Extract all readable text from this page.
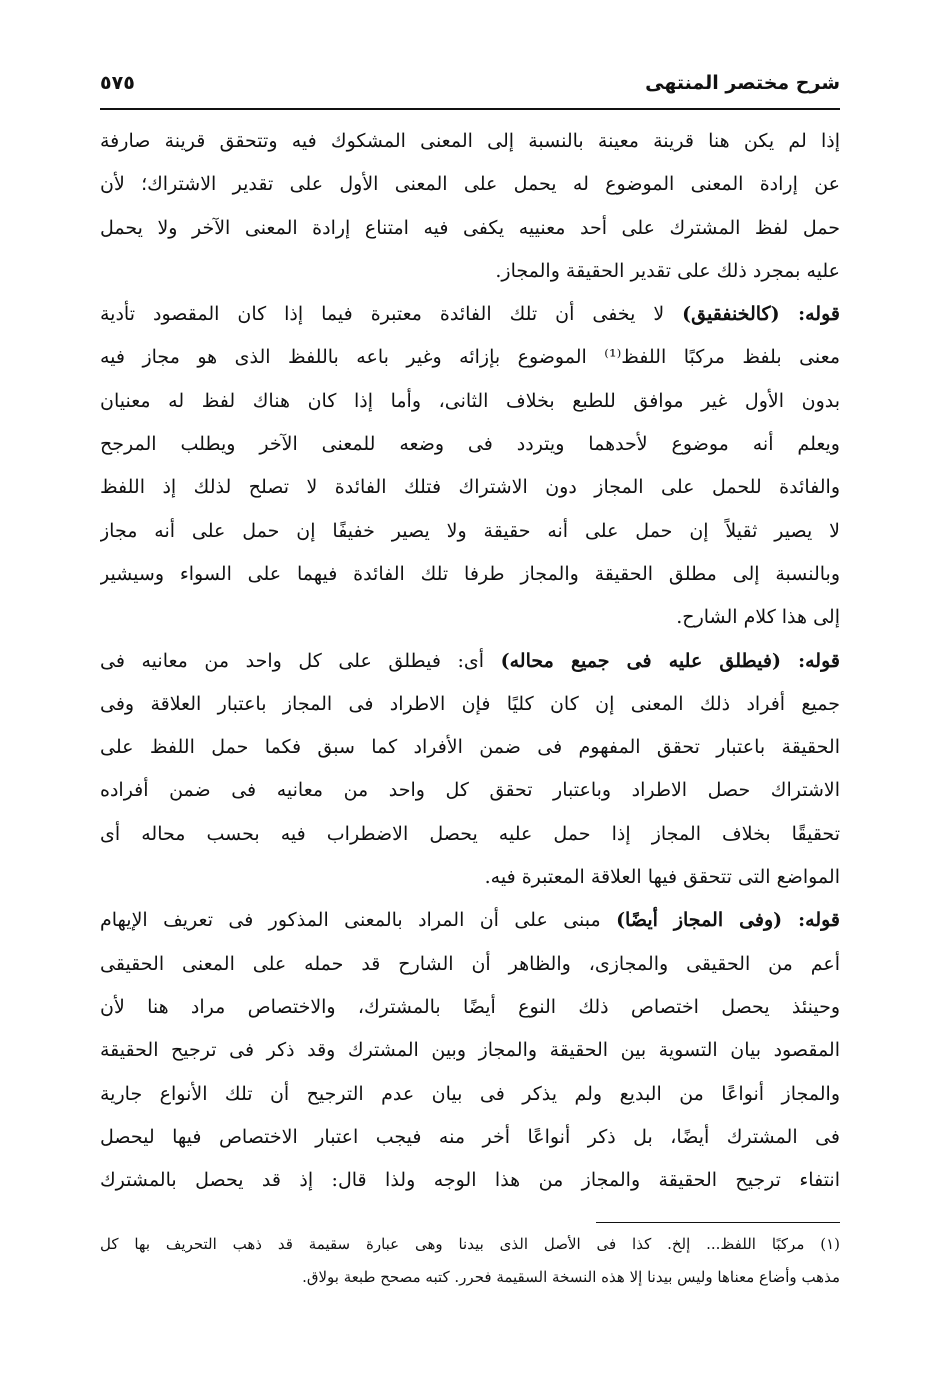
شرح مختصر المنتهى
٥٧٥
إذا لم يكن هنا قرينة معينة بالنسبة إلى المعنى المشكوك فيه وتتحقق قرينة صارفة
عن إرادة المعنى الموضوع له يحمل على المعنى الأول على تقدير الاشتراك؛ لأن
حمل لفظ المشترك على أحد معنييه يكفى فيه امتناع إرادة المعنى الآخر ولا يحمل
عليه بمجرد ذلك على تقدير الحقيقة والمجاز.
قوله: (كالخنفقيق) لا يخفى أن تلك الفائدة معتبرة فيما إذا كان المقصود تأدية
معنى بلفظ مركبًا اللفظ⁽¹⁾ الموضوع بإزائه وغير باعه باللفظ الذى هو مجاز فيه
بدون الأول غير موافق للطبع بخلاف الثانى، وأما إذا كان هناك لفظ له معنيان
ويعلم أنه موضوع لأحدهما ويتردد فى وضعه للمعنى الآخر ويطلب المرجح
والفائدة للحمل على المجاز دون الاشتراك فتلك الفائدة لا تصلح لذلك إذ اللفظ
لا يصير ثقيلاً إن حمل على أنه حقيقة ولا يصير خفيفًا إن حمل على أنه مجاز
وبالنسبة إلى مطلق الحقيقة والمجاز طرفا تلك الفائدة فيهما على السواء وسيشير
إلى هذا كلام الشارح.
قوله: (فيطلق عليه فى جميع محاله) أى: فيطلق على كل واحد من معانيه فى
جميع أفراد ذلك المعنى إن كان كليًا فإن الاطراد فى المجاز باعتبار العلاقة وفى
الحقيقة باعتبار تحقق المفهوم فى ضمن الأفراد كما سبق فكما حمل اللفظ على
الاشتراك حصل الاطراد وباعتبار تحقق كل واحد من معانيه فى ضمن أفراده
تحقيقًا بخلاف المجاز إذا حمل عليه يحصل الاضطراب فيه بحسب محاله أى
المواضع التى تتحقق فيها العلاقة المعتبرة فيه.
قوله: (وفى المجاز أيضًا) مبنى على أن المراد بالمعنى المذكور فى تعريف الإيهام
أعم من الحقيقى والمجازى، والظاهر أن الشارح قد حمله على المعنى الحقيقى
وحينئذ يحصل اختصاص ذلك النوع أيضًا بالمشترك، والاختصاص مراد هنا لأن
المقصود بيان التسوية بين الحقيقة والمجاز وبين المشترك وقد ذكر فى ترجيح الحقيقة
والمجاز أنواعًا من البديع ولم يذكر فى بيان عدم الترجيح أن تلك الأنواع جارية
فى المشترك أيضًا، بل ذكر أنواعًا أخر منه فيجب اعتبار الاختصاص فيها ليحصل
انتفاء ترجيح الحقيقة والمجاز من هذا الوجه ولذا قال: إذ قد يحصل بالمشترك
(١) مركبًا اللفظ... إلخ. كذا فى الأصل الذى بيدنا وهى عبارة سقيمة قد ذهب التحريف بها كل
مذهب وأضاع معناها وليس بيدنا إلا هذه النسخة السقيمة فحرر. كتبه مصحح طبعة بولاق.
